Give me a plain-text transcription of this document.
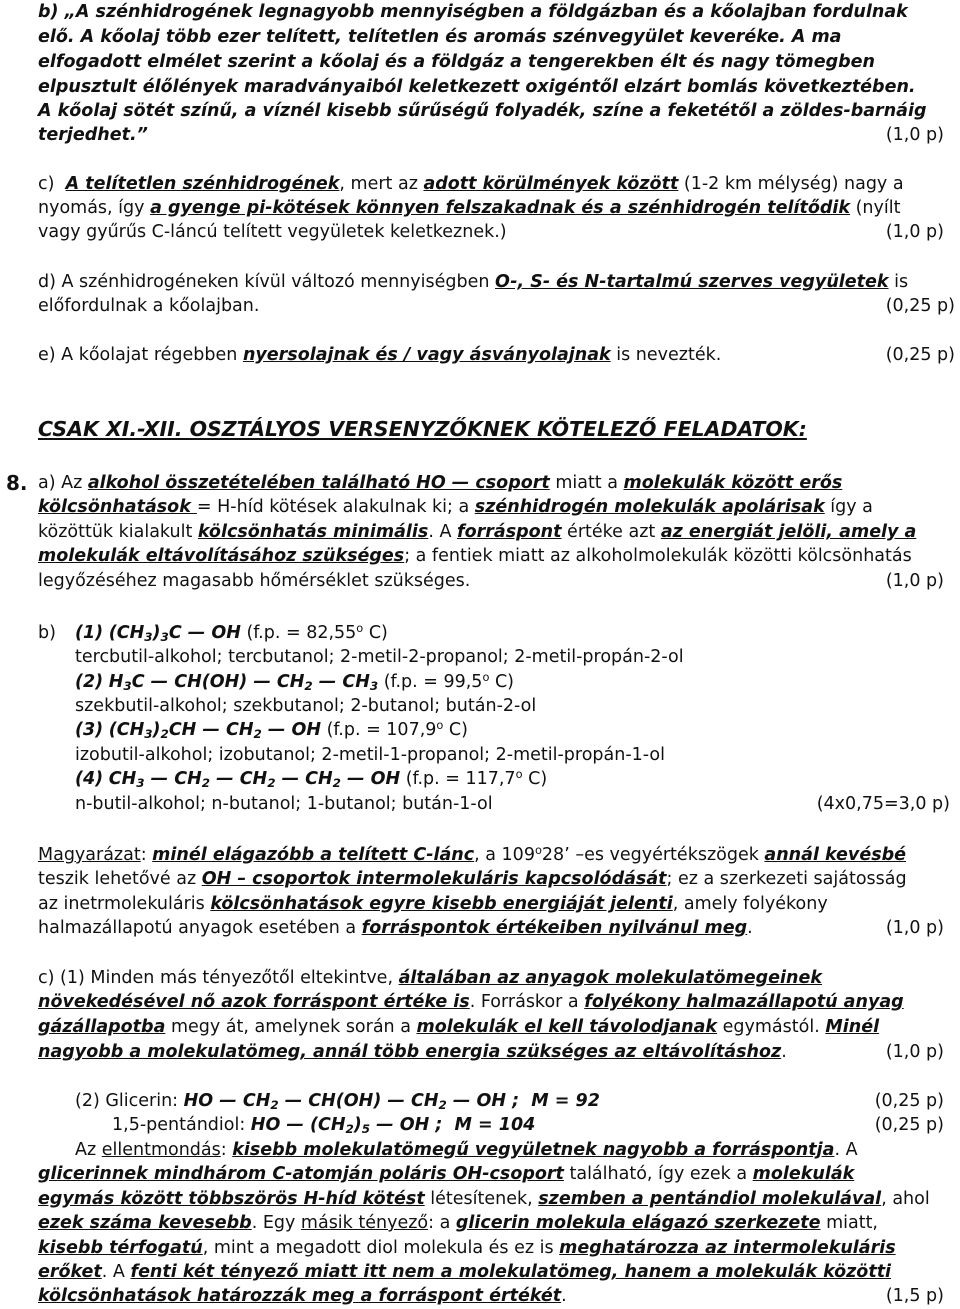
b) „A szénhidrogének legnagyobb mennyiségben a földgázban és a kőolajban fordulnak
elő. A kőolaj több ezer telített, telítetlen és aromás szénvegyület keveréke. A ma
elfogadott elmélet szerint a kőolaj és a földgáz a tengerekben élt és nagy tömegben
elpusztult élőlények maradványaiból keletkezett oxigéntől elzárt bomlás következtében.
A kőolaj sötét színű, a víznél kisebb sűrűségű folyadék, színe a feketétől a zöldes-barnáig
terjedhet.”	(1,0 p)
c) A telítetlen szénhidrogének, mert az adott körülmények között (1-2 km mélység) nagy a
nyomás, így a gyenge pi-kötések könnyen felszakadnak és a szénhidrogén telítődik (nyílt
vagy gyűrűs C-láncú telített vegyületek keletkeznek.)	(1,0 p)
d) A szénhidrogéneken kívül változó mennyiségben O-, S- és N-tartalmú szerves vegyületek is
előfordulnak a kőolajban.	(0,25 p)
e) A kőolajat régebben nyersolajnak és / vagy ásványolajnak is nevezték.	(0,25 p)
CSAK XI.-XII. OSZTÁLYOS VERSENYZŐKNEK KÖTELEZŐ FELADATOK:
8. a) Az alkohol összetételében található HO — csoport miatt a molekulák között erős
kölcsönhatások = H-híd kötések alakulnak ki; a szénhidrogén molekulák apolárisak így a
közöttük kialakult kölcsönhatás minimális. A forráspont értéke azt az energiát jelöli, amely a
molekulák eltávolításához szükséges; a fentiek miatt az alkoholmolekulák közötti kölcsönhatás
legyőzéséhez magasabb hőmérséklet szükséges.	(1,0 p)
b) (1) $(CH_3)_3C$ — OH (f.p. = $82,55^o$ C)
tercbutil-alkohol; tercbutanol; 2-metil-2-propanol; 2-metil-propán-2-ol
(2) $H_3C$ — CH(OH) — $CH_2$ — $CH_3$ (f.p. = $99,5^o$ C)
szekbutil-alkohol; szekbutanol; 2-butanol; bután-2-ol
(3) $(CH_3)_2CH$ — $CH_2$ — OH (f.p. = $107,9^o$ C)
izobutil-alkohol; izobutanol; 2-metil-1-propanol; 2-metil-propán-1-ol
(4) $CH_3$ — $CH_2$ — $CH_2$ — $CH_2$ — OH (f.p. = $117,7^o$ C)
n-butil-alkohol; n-butanol; 1-butanol; bután-1-ol	(4x0,75=3,0 p)
Magyarázat: minél elágazóbb a telített C-lánc, a 109$^o$28’ –es vegyértékszögek annál kevésbé
teszik lehetővé az OH – csoportok intermolekuláris kapcsolódását; ez a szerkezeti sajátosság
az inetrmolekuláris kölcsönhatások egyre kisebb energiáját jelenti, amely folyékony
halmazállapotú anyagok esetében a forráspontok értékeiben nyilvánul meg.	(1,0 p)
c) (1) Minden más tényezőtől eltekintve, általában az anyagok molekulatömegeinek
növekedésével nő azok forráspont értéke is. Forráskor a folyékony halmazállapotú anyag
gázállapotba megy át, amelynek során a molekulák el kell távolodjanak egymástól. Minél
nagyobb a molekulatömeg, annál több energia szükséges az eltávolításhoz.	(1,0 p)
(2) Glicerin: HO — $CH_2$ — CH(OH) — $CH_2$ — OH ;  M = 92	(0,25 p)
1,5-pentándiol: HO — $(CH_2)_5$ — OH ;  M = 104	(0,25 p)
Az ellentmondás: kisebb molekulatömegű vegyületnek nagyobb a forráspontja. A
glicerinnek mindhárom C-atomján poláris OH-csoport található, így ezek a molekulák
egymás között többszörös H-híd kötést létesítenek, szemben a pentándiol molekulával, ahol
ezek száma kevesebb. Egy másik tényező: a glicerin molekula elágazó szerkezete miatt,
kisebb térfogatú, mint a megadott diol molekula és ez is meghatározza az intermolekuláris
erőket. A fenti két tényező miatt itt nem a molekulatömeg, hanem a molekulák közötti
kölcsönhatások határozzák meg a forráspont értékét.	(1,5 p)
